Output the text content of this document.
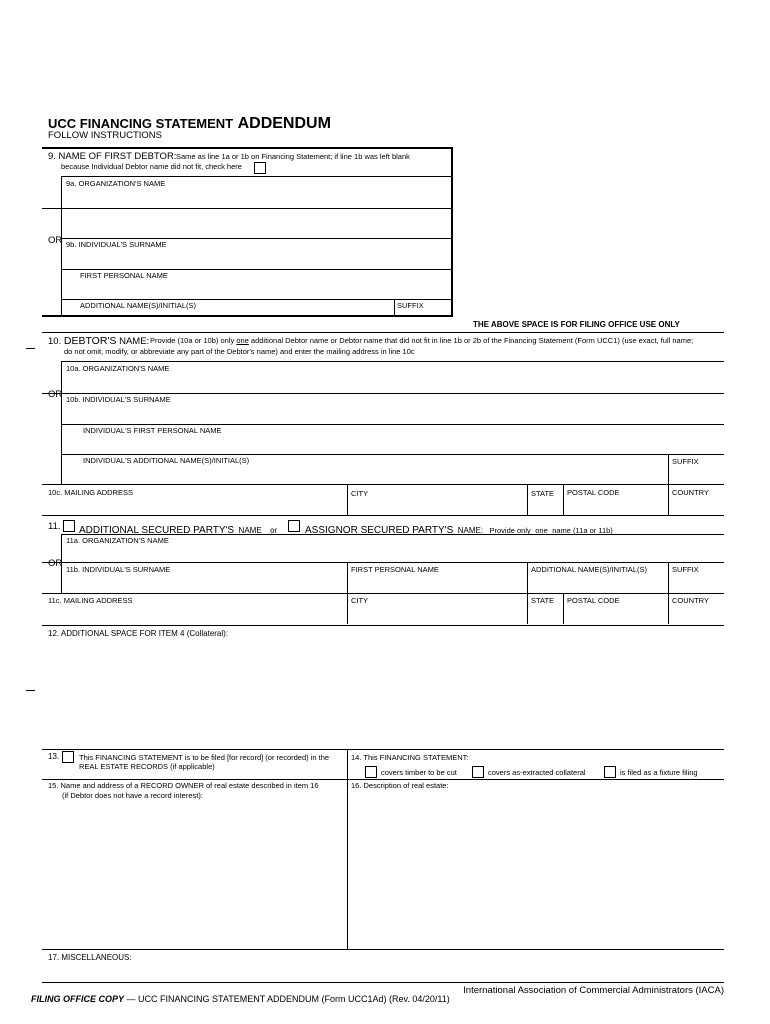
UCC FINANCING STATEMENT ADDENDUM
FOLLOW INSTRUCTIONS
9. NAME OF FIRST DEBTOR: Same as line 1a or 1b on Financing Statement; if line 1b was left blank
because Individual Debtor name did not fit, check here
9a. ORGANIZATION'S NAME
OR 9b. INDIVIDUAL'S SURNAME
FIRST PERSONAL NAME
ADDITIONAL NAME(S)/INITIAL(S)	SUFFIX
THE ABOVE SPACE IS FOR FILING OFFICE USE ONLY
10. DEBTOR'S NAME: Provide (10a or 10b) only one additional Debtor name or Debtor name that did not fit in line 1b or 2b of the Financing Statement (Form UCC1) (use exact, full name;
do not omit, modify, or abbreviate any part of the Debtor's name) and enter the mailing address in line 10c
10a. ORGANIZATION'S NAME
OR 10b. INDIVIDUAL'S SURNAME
INDIVIDUAL'S FIRST PERSONAL NAME
INDIVIDUAL'S ADDITIONAL NAME(S)/INITIAL(S)	SUFFIX
10c. MAILING ADDRESS	CITY	STATE POSTAL CODE	COUNTRY
11. ADDITIONAL SECURED PARTY'S NAME or	ASSIGNOR SECURED PARTY'S NAME: Provide only one name (11a or 11b)
11a. ORGANIZATION'S NAME
OR
11b. INDIVIDUAL'S SURNAME	FIRST PERSONAL NAME	ADDITIONAL NAME(S)/INITIAL(S)	SUFFIX
11c. MAILING ADDRESS	CITY	STATE POSTAL CODE	COUNTRY
12. ADDITIONAL SPACE FOR ITEM 4 (Collateral):
13.	This FINANCING STATEMENT is to be filed [for record] (or recorded) in the
REAL ESTATE RECORDS (if applicable)
14. This FINANCING STATEMENT:
covers timber to be cut	covers as-extracted collateral	is filed as a fixture filing
15. Name and address of a RECORD OWNER of real estate described in item 16
(if Debtor does not have a record interest):
16. Description of real estate:
17. MISCELLANEOUS:
International Association of Commercial Administrators (IACA)
FILING OFFICE COPY — UCC FINANCING STATEMENT ADDENDUM (Form UCC1Ad) (Rev. 04/20/11)
